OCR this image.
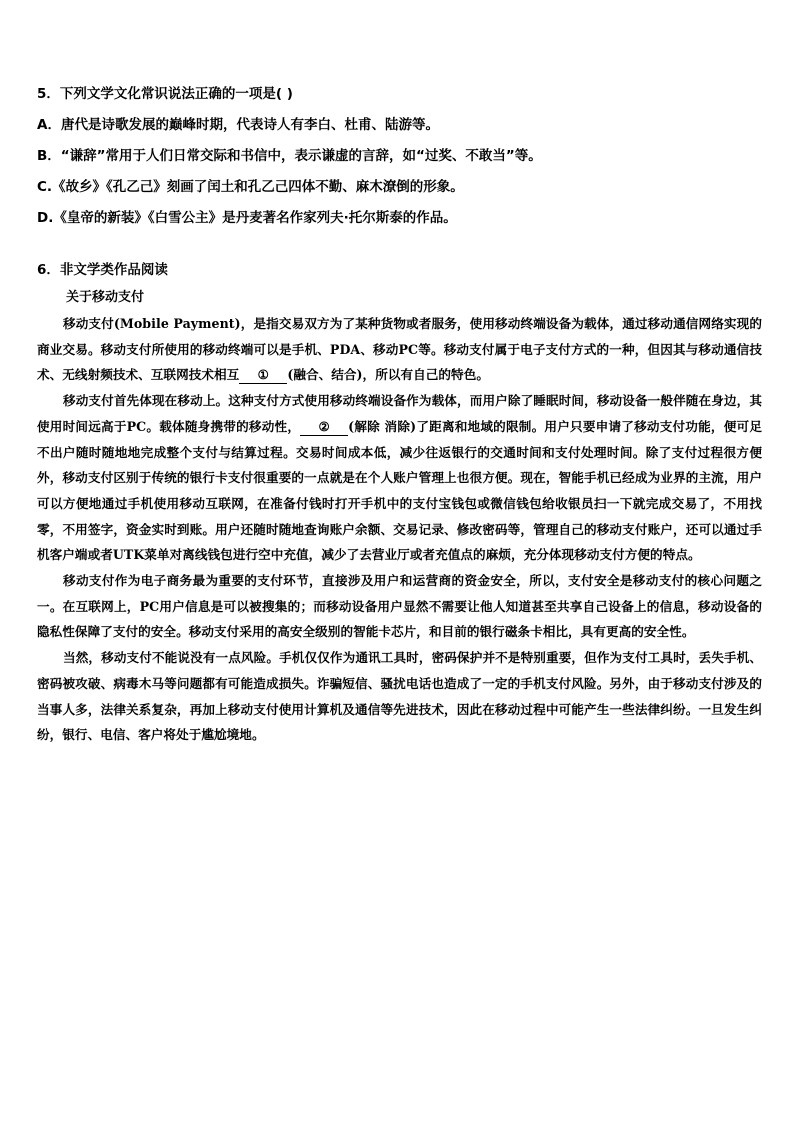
5．下列文学文化常识说法正确的一项是( )
A．唐代是诗歌发展的巅峰时期，代表诗人有李白、杜甫、陆游等。
B．“谦辞”常用于人们日常交际和书信中，表示谦虚的言辞，如“过奖、不敢当”等。
C.《故乡》《孔乙己》刻画了闰土和孔乙己四体不勤、麻木潦倒的形象。
D.《皇帝的新装》《白雪公主》是丹麦著名作家列夫·托尔斯泰的作品。
6．非文学类作品阅读
关于移动支付

移动支付(Mobile Payment)，是指交易双方为了某种货物或者服务，使用移动终端设备为载体，通过移动通信网络实现的商业交易。移动支付所使用的移动终端可以是手机、PDA、移动PC等。移动支付属于电子支付方式的一种，但因其与移动通信技术、无线射频技术、互联网技术相互 ① (融合、结合)，所以有自己的特色。

移动支付首先体现在移动上。这种支付方式使用移动终端设备作为载体，而用户除了睡眠时间，移动设备一般伴随在身边，其使用时间远高于PC。载体随身携带的移动性， ② (解除 消除)了距离和地域的限制。用户只要申请了移动支付功能，便可足不出户随时随地地完成整个支付与结算过程。交易时间成本低，减少往返银行的交通时间和支付处理时间。除了支付过程很方便外，移动支付区别于传统的银行卡支付很重要的一点就是在个人账户管理上也很方便。现在，智能手机已经成为业界的主流，用户可以方便地通过手机使用移动互联网，在准备付钱时打开手机中的支付宝钱包或微信钱包给收银员扫一下就完成交易了，不用找零，不用签字，资金实时到账。用户还随时随地查询账户余额、交易记录、修改密码等，管理自己的移动支付账户，还可以通过手机客户端或者UTK菜单对离线钱包进行空中充值，减少了去营业厅或者充值点的麻烦，充分体现移动支付方便的特点。

移动支付作为电子商务最为重要的支付环节，直接涉及用户和运营商的资金安全，所以，支付安全是移动支付的核心问题之一。在互联网上，PC用户信息是可以被搜集的；而移动设备用户显然不需要让他人知道甚至共享自己设备上的信息，移动设备的隐私性保障了支付的安全。移动支付采用的高安全级别的智能卡芯片，和目前的银行磁条卡相比，具有更高的安全性。

当然，移动支付不能说没有一点风险。手机仅仅作为通讯工具时，密码保护并不是特别重要，但作为支付工具时，丢失手机、密码被攻破、病毒木马等问题都有可能造成损失。诈骗短信、骚扰电话也造成了一定的手机支付风险。另外，由于移动支付涉及的当事人多，法律关系复杂，再加上移动支付使用计算机及通信等先进技术，因此在移动过程中可能产生一些法律纠纷。一旦发生纠纷，银行、电信、客户将处于尴尬境地。
